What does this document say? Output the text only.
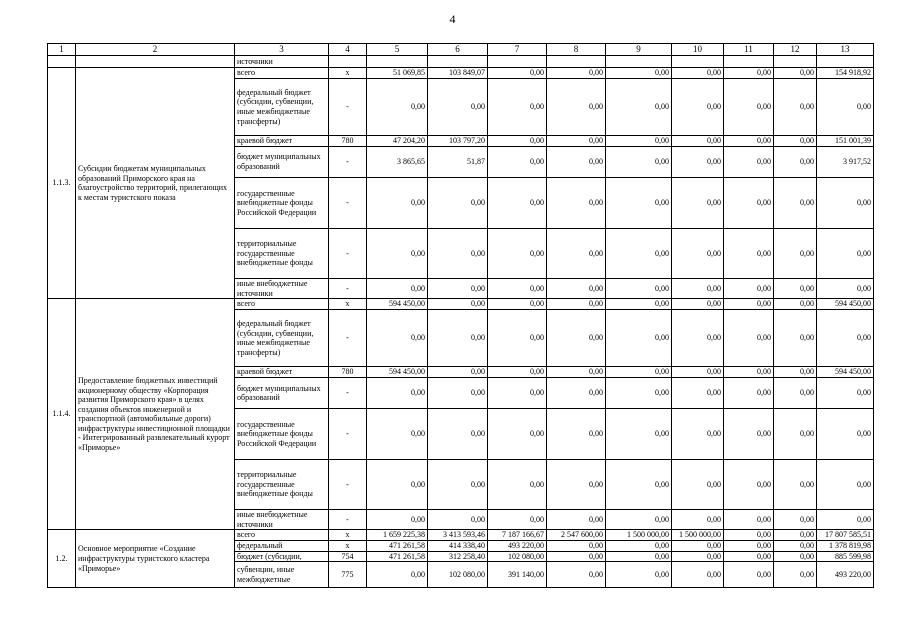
4
1	2	3	4	5	6	7	8	9	10	11	12	13
		источники										
1.1.3.	Субсидии бюджетам муниципальных образований Приморского края на благоустройство территорий, прилегающих к местам туристского показа	всего	x	51 069,85	103 849,07	0,00	0,00	0,00	0,00	0,00	0,00	154 918,92
		федеральный бюджет (субсидии, субвенции, иные межбюджетные трансферты)	-	0,00	0,00	0,00	0,00	0,00	0,00	0,00	0,00	0,00
		краевой бюджет	780	47 204,20	103 797,20	0,00	0,00	0,00	0,00	0,00	0,00	151 001,39
		бюджет муниципальных образований	-	3 865,65	51,87	0,00	0,00	0,00	0,00	0,00	0,00	3 917,52
		государственные внебюджетные фонды Российской Федерации	-	0,00	0,00	0,00	0,00	0,00	0,00	0,00	0,00	0,00
		территориальные государственные внебюджетные фонды	-	0,00	0,00	0,00	0,00	0,00	0,00	0,00	0,00	0,00
		иные внебюджетные источники	-	0,00	0,00	0,00	0,00	0,00	0,00	0,00	0,00	0,00
1.1.4.	Предоставление бюджетных инвестиций акционерному обществу «Корпорация развития Приморского края» в целях создания объектов инженерной и транспортной (автомобильные дороги) инфраструктуры инвестиционной площадки - Интегрированный развлекательный курорт «Приморье»	всего	x	594 450,00	0,00	0,00	0,00	0,00	0,00	0,00	0,00	594 450,00
		федеральный бюджет (субсидии, субвенции, иные межбюджетные трансферты)	-	0,00	0,00	0,00	0,00	0,00	0,00	0,00	0,00	0,00
		краевой бюджет	780	594 450,00	0,00	0,00	0,00	0,00	0,00	0,00	0,00	594 450,00
		бюджет муниципальных образований	-	0,00	0,00	0,00	0,00	0,00	0,00	0,00	0,00	0,00
		государственные внебюджетные фонды Российской Федерации	-	0,00	0,00	0,00	0,00	0,00	0,00	0,00	0,00	0,00
		территориальные государственные внебюджетные фонды	-	0,00	0,00	0,00	0,00	0,00	0,00	0,00	0,00	0,00
		иные внебюджетные источники	-	0,00	0,00	0,00	0,00	0,00	0,00	0,00	0,00	0,00
1.2.	Основное мероприятие «Создание инфраструктуры туристского кластера «Приморье»	всего	x	1 659 225,38	3 413 593,46	7 187 166,67	2 547 600,00	1 500 000,00	1 500 000,00	0,00	0,00	17 807 585,51
		федеральный	x	471 261,58	414 338,40	493 220,00	0,00	0,00	0,00	0,00	0,00	1 378 819,98
		бюджет (субсидии,	754	471 261,58	312 258,40	102 080,00	0,00	0,00	0,00	0,00	0,00	885 599,98
		субвенции, иные межбюджетные	775	0,00	102 080,00	391 140,00	0,00	0,00	0,00	0,00	0,00	493 220,00
